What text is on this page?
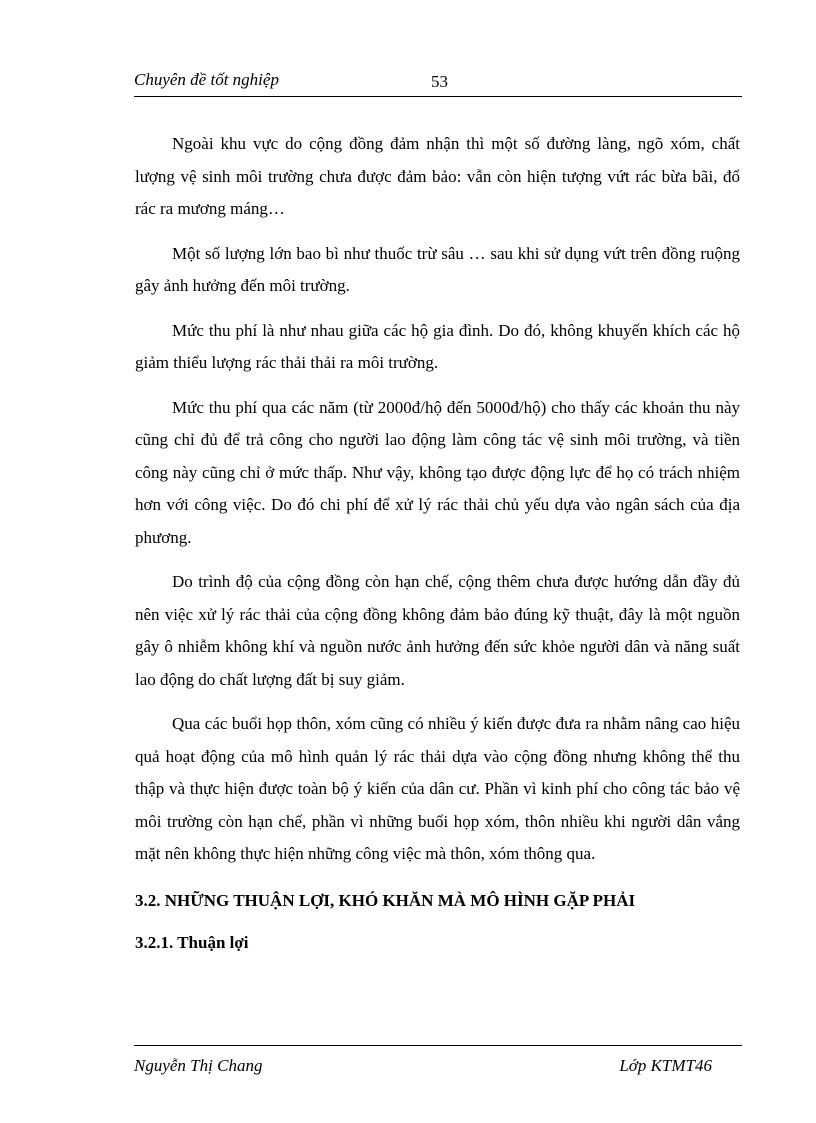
Chuyên đề tốt nghiệp	53

Ngoài khu vực do cộng đồng đảm nhận thì một số đường làng, ngõ xóm, chất lượng vệ sinh môi trường chưa được đảm bảo: vẫn còn hiện tượng vứt rác bừa bãi, đổ rác ra mương máng…

Một số lượng lớn bao bì như thuốc trừ sâu … sau khi sử dụng vứt trên đồng ruộng gây ảnh hưởng đến môi trường.

Mức thu phí là như nhau giữa các hộ gia đình. Do đó, không khuyến khích các hộ giảm thiểu lượng rác thải thải ra môi trường.

Mức thu phí qua các năm (từ 2000đ/hộ đến 5000đ/hộ) cho thấy các khoản thu này cũng chỉ đủ để trả công cho người lao động làm công tác vệ sinh môi trường, và tiền công này cũng chỉ ở mức thấp. Như vậy, không tạo được động lực để họ có trách nhiệm hơn với công việc. Do đó chi phí để xử lý rác thải chủ yếu dựa vào ngân sách của địa phương.

Do trình độ của cộng đồng còn hạn chế, cộng thêm chưa được hướng dẫn đầy đủ nên việc xử lý rác thải của cộng đồng không đảm bảo đúng kỹ thuật, đây là một nguồn gây ô nhiễm không khí và nguồn nước ảnh hưởng đến sức khỏe người dân và năng suất lao động do chất lượng đất bị suy giảm.

Qua các buổi họp thôn, xóm cũng có nhiều ý kiến được đưa ra nhằm nâng cao hiệu quả hoạt động của mô hình quản lý rác thải dựa vào cộng đồng nhưng không thể thu thập và thực hiện được toàn bộ ý kiến của dân cư. Phần vì kinh phí cho công tác bảo vệ môi trường còn hạn chế, phần vì những buổi họp xóm, thôn nhiều khi người dân vắng mặt nên không thực hiện những công việc mà thôn, xóm thông qua.

3.2. NHỮNG THUẬN LỢI, KHÓ KHĂN MÀ MÔ HÌNH GẶP PHẢI
3.2.1. Thuận lợi
Nguyễn Thị Chang	Lớp KTMT46
